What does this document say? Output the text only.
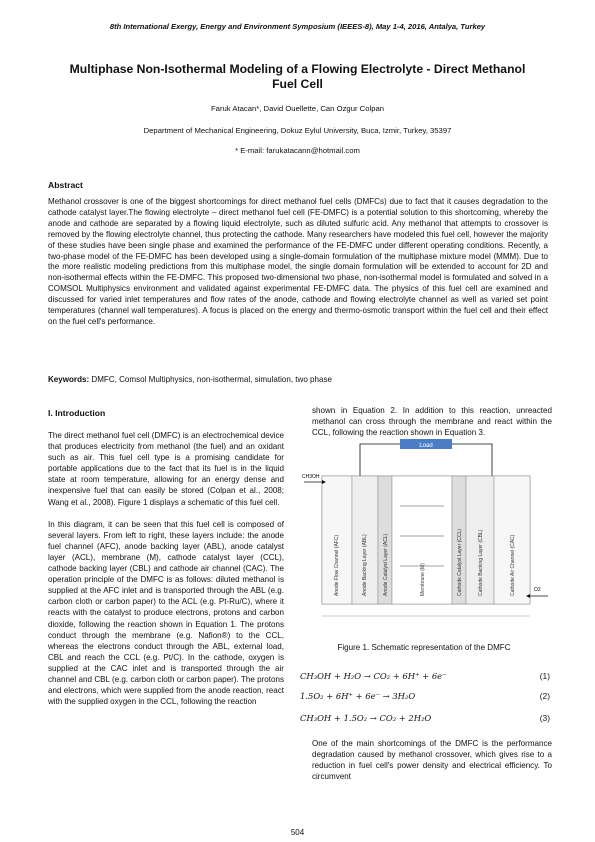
8th International Exergy, Energy and Environment Symposium (IEEES-8), May 1-4, 2016, Antalya, Turkey
Multiphase Non-Isothermal Modeling of a Flowing Electrolyte - Direct Methanol Fuel Cell
Faruk Atacan*, David Ouellette, Can Ozgur Colpan
Department of Mechanical Engineering, Dokuz Eylul University, Buca, Izmir, Turkey, 35397
* E-mail: farukatacann@hotmail.com
Abstract
Methanol crossover is one of the biggest shortcomings for direct methanol fuel cells (DMFCs) due to fact that it causes degradation to the cathode catalyst layer.The flowing electrolyte – direct methanol fuel cell (FE-DMFC) is a potential solution to this shortcoming, whereby the anode and cathode are separated by a flowing liquid electrolyte, such as diluted sulfuric acid. Any methanol that attempts to crossover is removed by the flowing electrolyte channel, thus protecting the cathode. Many researchers have modeled this fuel cell, however the majority of these studies have been single phase and examined the performance of the FE-DMFC under different operating conditions. Recently, a two-phase model of the FE-DMFC has been developed using a single-domain formulation of the multiphase mixture model (MMM). Due to the more realistic modeling predictions from this multiphase model, the single domain formulation will be extended to account for 2D and non-isothermal effects within the FE-DMFC. This proposed two-dimensional two phase, non-isothermal model is formulated and solved in a COMSOL Multiphysics environment and validated against experimental FE-DMFC data. The physics of this fuel cell are examined and discussed for varied inlet temperatures and flow rates of the anode, cathode and flowing electrolyte channel as well as varied set point temperatures (channel wall temperatures). A focus is placed on the energy and thermo-osmotic transport within the fuel cell and their effect on the fuel cell's performance.
Keywords: DMFC, Comsol Multiphysics, non-isothermal, simulation, two phase
I. Introduction

The direct methanol fuel cell (DMFC) is an electrochemical device that produces electricity from methanol (the fuel) and an oxidant such as air. This fuel cell type is a promising candidate for portable applications due to the fact that its fuel is in the liquid state at room temperature, allowing for an energy dense and inexpensive fuel that can easily be stored (Colpan et al., 2008; Wang et al., 2008). Figure 1 displays a schematic of this fuel cell.

In this diagram, it can be seen that this fuel cell is composed of several layers. From left to right, these layers include: the anode fuel channel (AFC), anode backing layer (ABL), anode catalyst layer (ACL), membrane (M), cathode catalyst layer (CCL), cathode backing layer (CBL) and cathode air channel (CAC). The operation principle of the DMFC is as follows: diluted methanol is supplied at the AFC inlet and is transported through the ABL (e.g. carbon cloth or carbon paper) to the ACL (e.g. Pt-Ru/C), where it reacts with the catalyst to produce electrons, protons and carbon dioxide, following the reaction shown in Equation 1. The protons conduct through the membrane (e.g. Nafion®) to the CCL, whereas the electrons conduct through the ABL, external load, CBL and reach the CCL (e.g. Pt/C). In the cathode, oxygen is supplied at the CAC inlet and is transported through the air channel and CBL (e.g. carbon cloth or carbon paper). The protons and electrons, which were supplied from the anode reaction, react with the supplied oxygen in the CCL, following the reaction

shown in Equation 2. In addition to this reaction, unreacted methanol can cross through the membrane and react within the CCL, following the reaction shown in Equation 3.

Load
Anode Flow Channel (AFC)	Anode Backing Layer (ABL)	Anode Catalyst Layer (ACL)	Membrane (M)	Cathode Catalyst Layer (CCL)	Cathode Backing Layer (CBL)	Cathode Air Channel (CAC)
CH3OH
O2
Figure 1. Schematic representation of the DMFC
CH₃OH + H₂O → CO₂ + 6H⁺ + 6e⁻	(1)
1.5O₂ + 6H⁺ + 6e⁻ → 3H₂O	(2)
CH₃OH + 1.5O₂ → CO₂ + 2H₂O	(3)

One of the main shortcomings of the DMFC is the performance degradation caused by methanol crossover, which gives rise to a reduction in fuel cell's power density and electrical efficiency. To circumvent

504
